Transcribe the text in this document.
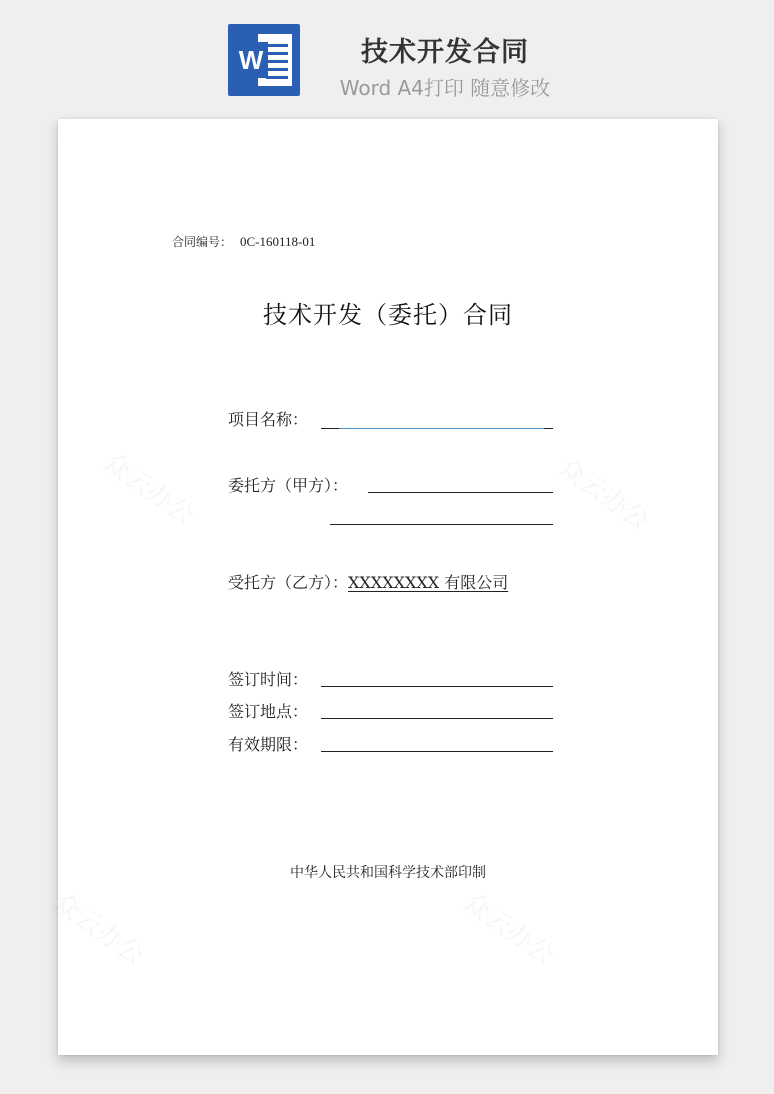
W	技术开发合同
Word A4打印 随意修改
合同编号： 0C-160118-01
技术开发（委托）合同
项目名称：
委托方（甲方）：
受托方（乙方）：XXXXXXXX 有限公司
签订时间：
签订地点：
有效期限：
中华人民共和国科学技术部印制
